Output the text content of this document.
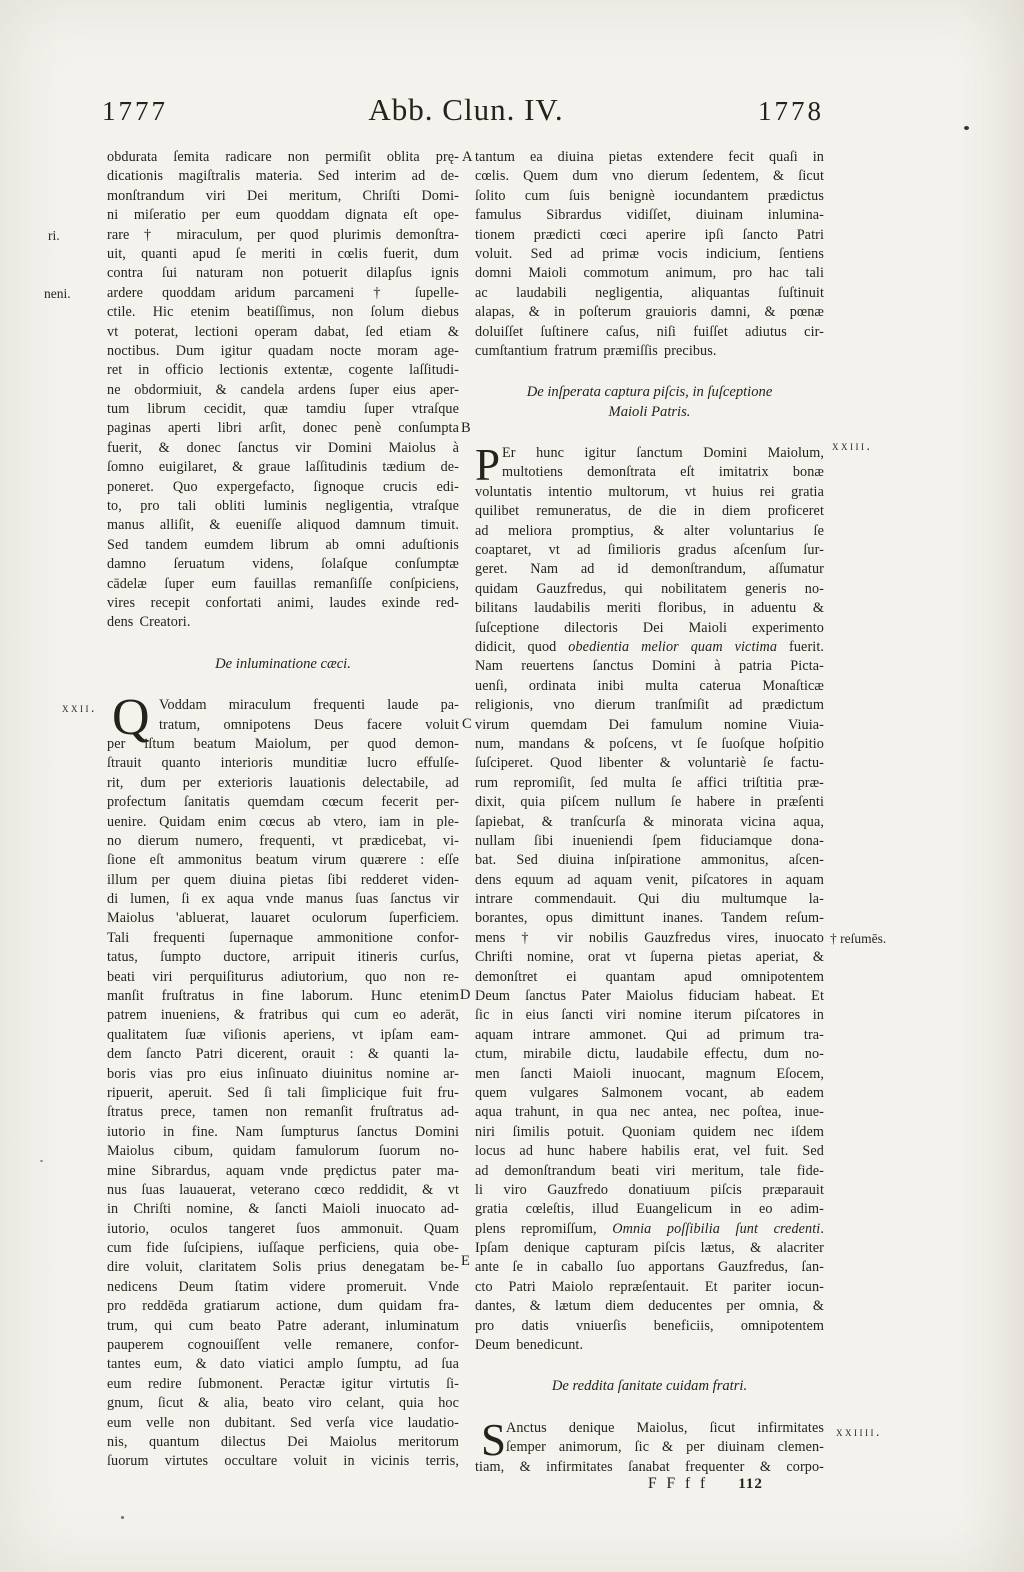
1777	Abb. Clun. IV.	1778
obdurata ſemita radicare non permiſit oblita prę-
dicationis magiſtralis materia. Sed interim ad de-
monſtrandum viri Dei meritum, Chriſti Domi-
ni miſeratio per eum quoddam dignata eſt ope-
rare † miraculum, per quod plurimis demonſtra-
uit, quanti apud ſe meriti in cœlis fuerit, dum
contra ſui naturam non potuerit dilapſus ignis
ardere quoddam aridum parcameni † ſupelle-
ctile. Hic etenim beatiſſimus, non ſolum diebus
vt poterat, lectioni operam dabat, ſed etiam &
noctibus. Dum igitur quadam nocte moram age-
ret in officio lectionis extentæ, cogente laſſitudi-
ne obdormiuit, & candela ardens ſuper eius aper-
tum librum cecidit, quæ tamdiu ſuper vtraſque
paginas aperti libri arſit, donec penè conſumpta
fuerit, & donec ſanctus vir Domini Maiolus à
ſomno euigilaret, & graue laſſitudinis tædium de-
poneret. Quo expergefacto, ſignoque crucis edi-
to, pro tali obliti luminis negligentia, vtraſque
manus alliſit, & eueniſſe aliquod damnum timuit.
Sed tandem eumdem librum ab omni aduſtionis
damno ſeruatum videns, ſolaſque conſumptæ
cādelæ ſuper eum fauillas remanſiſſe conſpiciens,
vires recepit confortati animi, laudes exinde red-
dens Creatori.
De inluminatione cæci.
Q Voddam miraculum frequenti laude pa-
tratum, omnipotens Deus facere voluit
per iſtum beatum Maiolum, per quod demon-
ſtrauit quanto interioris munditiæ lucro effulſe-
rit, dum per exterioris lauationis delectabile, ad
profectum ſanitatis quemdam cœcum fecerit per-
uenire. Quidam enim cœcus ab vtero, iam in ple-
no dierum numero, frequenti, vt prædicebat, vi-
ſione eſt ammonitus beatum virum quærere : eſſe
illum per quem diuina pietas ſibi redderet viden-
di lumen, ſi ex aqua vnde manus ſuas ſanctus vir
Maiolus 'abluerat, lauaret oculorum ſuperficiem.
Tali frequenti ſupernaque ammonitione confor-
tatus, ſumpto ductore, arripuit itineris curſus,
beati viri perquiſiturus adiutorium, quo non re-
manſit fruſtratus in fine laborum. Hunc etenim
patrem inueniens, & fratribus qui cum eo aderāt,
qualitatem ſuæ viſionis aperiens, vt ipſam eam-
dem ſancto Patri dicerent, orauit : & quanti la-
boris vias pro eius inſinuato diuinitus nomine ar-
ripuerit, aperuit. Sed ſi tali ſimplicique fuit fru-
ſtratus prece, tamen non remanſit fruſtratus ad-
iutorio in fine. Nam ſumpturus ſanctus Domini
Maiolus cibum, quidam famulorum ſuorum no-
mine Sibrardus, aquam vnde prędictus pater ma-
nus ſuas lauauerat, veterano cœco reddidit, & vt
in Chriſti nomine, & ſancti Maioli inuocato ad-
iutorio, oculos tangeret ſuos ammonuit. Quam
cum fide ſuſcipiens, iuſſaque perficiens, quia obe-
dire voluit, claritatem Solis prius denegatam be-
nedicens Deum ſtatim videre promeruit. Vnde
pro reddēda gratiarum actione, dum quidam fra-
trum, qui cum beato Patre aderant, inluminatum
pauperem cognouiſſent velle remanere, confor-
tantes eum, & dato viatici amplo ſumptu, ad ſua
eum redire ſubmonent. Peractæ igitur virtutis ſi-
gnum, ſicut & alia, beato viro celant, quia hoc
eum velle non dubitant. Sed verſa vice laudatio-
nis, quantum dilectus Dei Maiolus meritorum
ſuorum virtutes occultare voluit in vicinis terris,
tantum ea diuina pietas extendere fecit quaſi in
cœlis. Quem dum vno dierum ſedentem, & ſicut
ſolito cum ſuis benignè iocundantem prædictus
famulus Sibrardus vidiſſet, diuinam inlumina-
tionem prædicti cœci aperire ipſi ſancto Patri
voluit. Sed ad primæ vocis indicium, ſentiens
domni Maioli commotum animum, pro hac tali
ac laudabili negligentia, aliquantas ſuſtinuit
alapas, & in poſterum grauioris damni, & pœnæ
doluiſſet ſuſtinere caſus, niſi fuiſſet adiutus cir-
cumſtantium fratrum præmiſſis precibus.
De inſperata captura piſcis, in ſuſceptione
Maioli Patris.
P Er hunc igitur ſanctum Domini Maiolum,
multotiens demonſtrata eſt imitatrix bonæ
voluntatis intentio multorum, vt huius rei gratia
quilibet remuneratus, de die in diem proficeret
ad meliora promptius, & alter voluntarius ſe
coaptaret, vt ad ſimilioris gradus aſcenſum ſur-
geret. Nam ad id demonſtrandum, aſſumatur
quidam Gauzfredus, qui nobilitatem generis no-
bilitans laudabilis meriti floribus, in aduentu &
ſuſceptione dilectoris Dei Maioli experimento
didicit, quod obedientia melior quam victima fuerit.
Nam reuertens ſanctus Domini à patria Picta-
uenſi, ordinata inibi multa caterua Monaſticæ
religionis, vno dierum tranſmiſit ad prædictum
virum quemdam Dei famulum nomine Viuia-
num, mandans & poſcens, vt ſe ſuoſque hoſpitio
ſuſciperet. Quod libenter & voluntariè ſe factu-
rum repromiſit, ſed multa ſe affici triſtitia præ-
dixit, quia piſcem nullum ſe habere in præſenti
ſapiebat, & tranſcurſa & minorata vicina aqua,
nullam ſibi inueniendi ſpem fiduciamque dona-
bat. Sed diuina inſpiratione ammonitus, aſcen-
dens equum ad aquam venit, piſcatores in aquam
intrare commendauit. Qui diu multumque la-
borantes, opus dimittunt inanes. Tandem reſum-
mens † vir nobilis Gauzfredus vires, inuocato
Chriſti nomine, orat vt ſuperna pietas aperiat, &
demonſtret ei quantam apud omnipotentem
Deum ſanctus Pater Maiolus fiduciam habeat. Et
ſic in eius ſancti viri nomine iterum piſcatores in
aquam intrare ammonet. Qui ad primum tra-
ctum, mirabile dictu, laudabile effectu, dum no-
men ſancti Maioli inuocant, magnum Eſocem,
quem vulgares Salmonem vocant, ab eadem
aqua trahunt, in qua nec antea, nec poſtea, inue-
niri ſimilis potuit. Quoniam quidem nec iſdem
locus ad hunc habere habilis erat, vel fuit. Sed
ad demonſtrandum beati viri meritum, tale fide-
li viro Gauzfredo donatiuum piſcis præparauit
gratia cœleſtis, illud Euangelicum in eo adim-
plens repromiſſum, Omnia poſſibilia ſunt credenti.
Ipſam denique capturam piſcis lætus, & alacriter
ante ſe in caballo ſuo apportans Gauzfredus, ſan-
cto Patri Maiolo repræſentauit. Et pariter iocun-
dantes, & lætum diem deducentes per omnia, &
pro datis vniuerſis beneficiis, omnipotentem
Deum benedicunt.
De reddita ſanitate cuidam fratri.
S Anctus denique Maiolus, ſicut infirmitates
ſemper animorum, ſic & per diuinam clemen-
tiam, & infirmitates ſanabat frequenter & corpo-
ri.
neni.
xxii.
A
B
C
D
E
xxiii.
† reſumēs.
xxiiii.
F F f f 112
